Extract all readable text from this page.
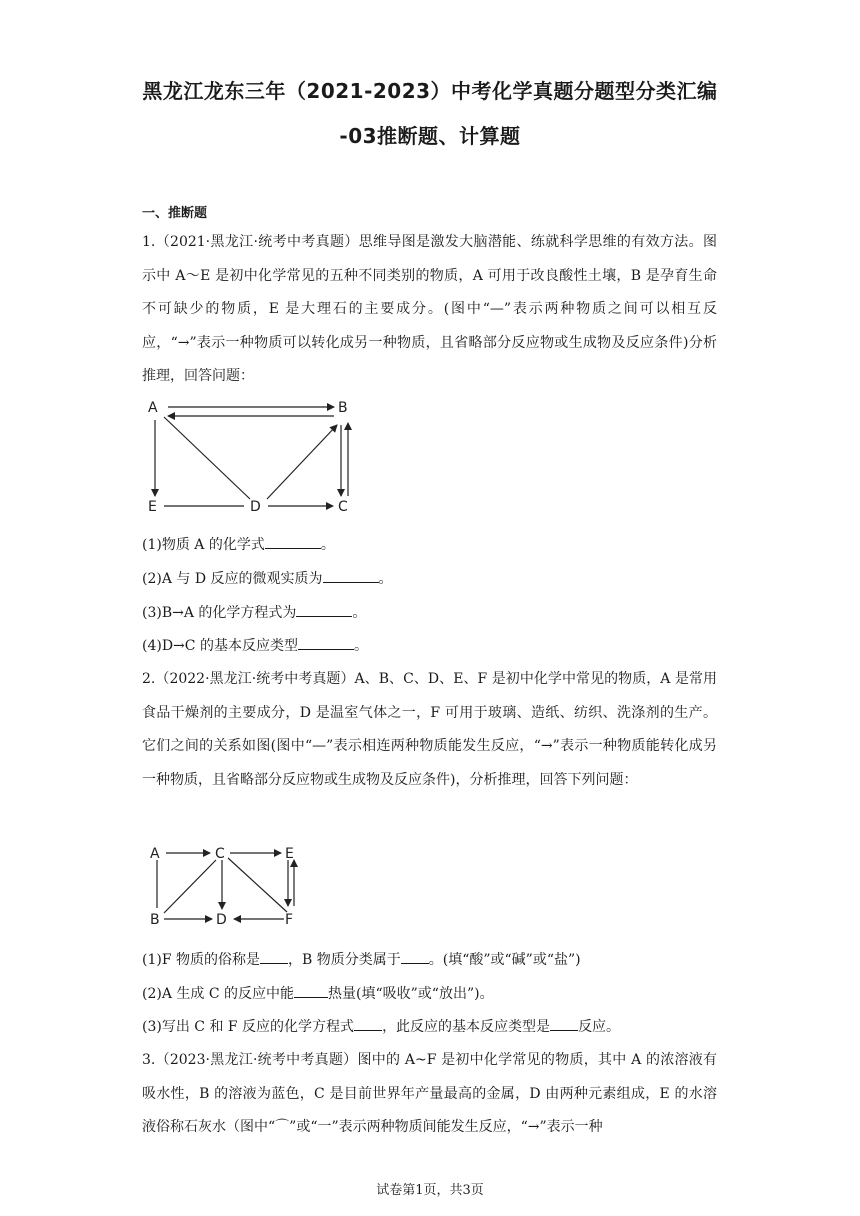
黑龙江龙东三年（2021-2023）中考化学真题分题型分类汇编
-03推断题、计算题
一、推断题

1.（2021·黑龙江·统考中考真题）思维导图是激发大脑潜能、练就科学思维的有效方法。图示中 A～E 是初中化学常见的五种不同类别的物质，A 可用于改良酸性土壤，B 是孕育生命不可缺少的物质，E 是大理石的主要成分。(图中“—”表示两种物质之间可以相互反应，“→”表示一种物质可以转化成另一种物质，且省略部分反应物或生成物及反应条件)分析推理，回答问题：

A	B
E	D	C

(1)物质 A 的化学式	。

(2)A 与 D 反应的微观实质为	。

(3)B→A 的化学方程式为	。

(4)D→C 的基本反应类型	。

2.（2022·黑龙江·统考中考真题）A、B、C、D、E、F 是初中化学中常见的物质，A 是常用食品干燥剂的主要成分，D 是温室气体之一，F 可用于玻璃、造纸、纺织、洗涤剂的生产。它们之间的关系如图(图中“—”表示相连两种物质能发生反应，“→”表示一种物质能转化成另一种物质，且省略部分反应物或生成物及反应条件)，分析推理，回答下列问题：

A	C	E
B	D	F

(1)F 物质的俗称是 ，B 物质分类属于 。(填“酸”或“碱”或“盐”)

(2)A 生成 C 的反应中能 热量(填“吸收”或“放出”)。

(3)写出 C 和 F 反应的化学方程式 ，此反应的基本反应类型是 反应。

3.（2023·黑龙江·统考中考真题）图中的 A~F 是初中化学常见的物质，其中 A 的浓溶液有吸水性，B 的溶液为蓝色，C 是目前世界年产量最高的金属，D 由两种元素组成，E 的水溶液俗称石灰水（图中“⌒”或“一”表示两种物质间能发生反应，“→”表示一种

试卷第1页，共3页
